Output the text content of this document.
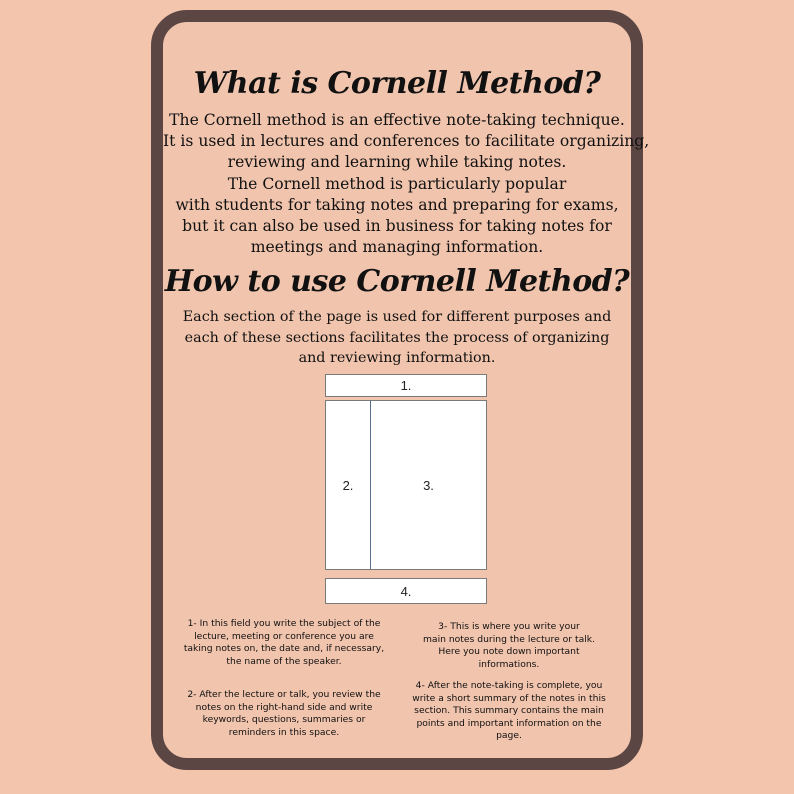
What is Cornell Method?

The Cornell method is an effective note-taking technique.
It is used in lectures and conferences to facilitate organizing,
reviewing and learning while taking notes.
The Cornell method is particularly popular
with students for taking notes and preparing for exams,
but it can also be used in business for taking notes for
meetings and managing information.

How to use Cornell Method?

Each section of the page is used for different purposes and
each of these sections facilitates the process of organizing
and reviewing information.

1.
2.	3.
4.
1- In this field you write the subject of the
lecture, meeting or conference you are
taking notes on, the date and, if necessary,
the name of the speaker.
2- After the lecture or talk, you review the
notes on the right-hand side and write
keywords, questions, summaries or
reminders in this space.
3- This is where you write your
main notes during the lecture or talk.
Here you note down important
informations.
4- After the note-taking is complete, you
write a short summary of the notes in this
section. This summary contains the main
points and important information on the
page.
